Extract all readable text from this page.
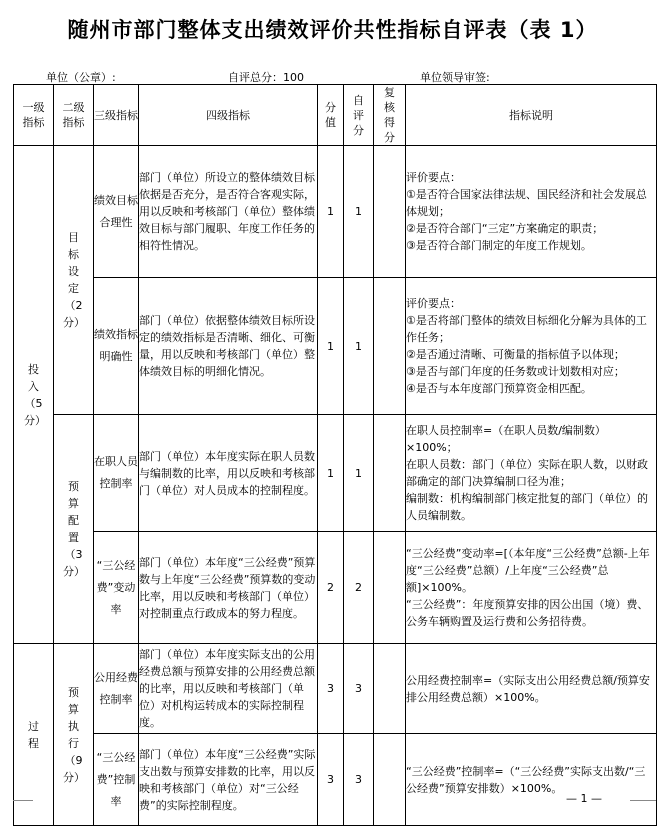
随州市部门整体支出绩效评价共性指标自评表（表 1）
单位（公章）:	自评总分：100	单位领导审签:
一级指标	二级指标	三级指标	四级指标	分值	自评分	复核得分	指标说明
投入（5分）	目标设定（2分）	绩效目标合理性	部门（单位）所设立的整体绩效目标依据是否充分，是否符合客观实际，用以反映和考核部门（单位）整体绩效目标与部门履职、年度工作任务的相符性情况。	1	1		评价要点：
①是否符合国家法律法规、国民经济和社会发展总体规划；
②是否符合部门“三定”方案确定的职责；
③是否符合部门制定的年度工作规划。

		绩效指标明确性	部门（单位）依据整体绩效目标所设定的绩效指标是否清晰、细化、可衡量，用以反映和考核部门（单位）整体绩效目标的明细化情况。	1	1		评价要点：
①是否将部门整体的绩效目标细化分解为具体的工作任务；
②是否通过清晰、可衡量的指标值予以体现；
③是否与部门年度的任务数或计划数相对应；
④是否与本年度部门预算资金相匹配。

	预算配置（3分）	在职人员控制率	部门（单位）本年度实际在职人员数与编制数的比率，用以反映和考核部门（单位）对人员成本的控制程度。	1	1		在职人员控制率=（在职人员数/编制数）×100%；
在职人员数：部门（单位）实际在职人数，以财政部确定的部门决算编制口径为准；
编制数：机构编制部门核定批复的部门（单位）的人员编制数。

		“三公经费”变动率	部门（单位）本年度“三公经费”预算数与上年度“三公经费”预算数的变动比率，用以反映和考核部门（单位）对控制重点行政成本的努力程度。	2	2		“三公经费”变动率=[（本年度“三公经费”总额-上年度“三公经费”总额）/上年度“三公经费”总额]×100%。
“三公经费”：年度预算安排的因公出国（境）费、公务车辆购置及运行费和公务招待费。

过程	预算执行（9分）	公用经费控制率	部门（单位）本年度实际支出的公用经费总额与预算安排的公用经费总额的比率，用以反映和考核部门（单位）对机构运转成本的实际控制程度。	3	3		公用经费控制率=（实际支出公用经费总额/预算安排公用经费总额）×100%。

		“三公经费”控制率	部门（单位）本年度“三公经费”实际支出数与预算安排数的比率，用以反映和考核部门（单位）对“三公经费”的实际控制程度。	3	3		“三公经费”控制率=（“三公经费”实际支出数/“三公经费”预算安排数）×100%。
— 1 —
